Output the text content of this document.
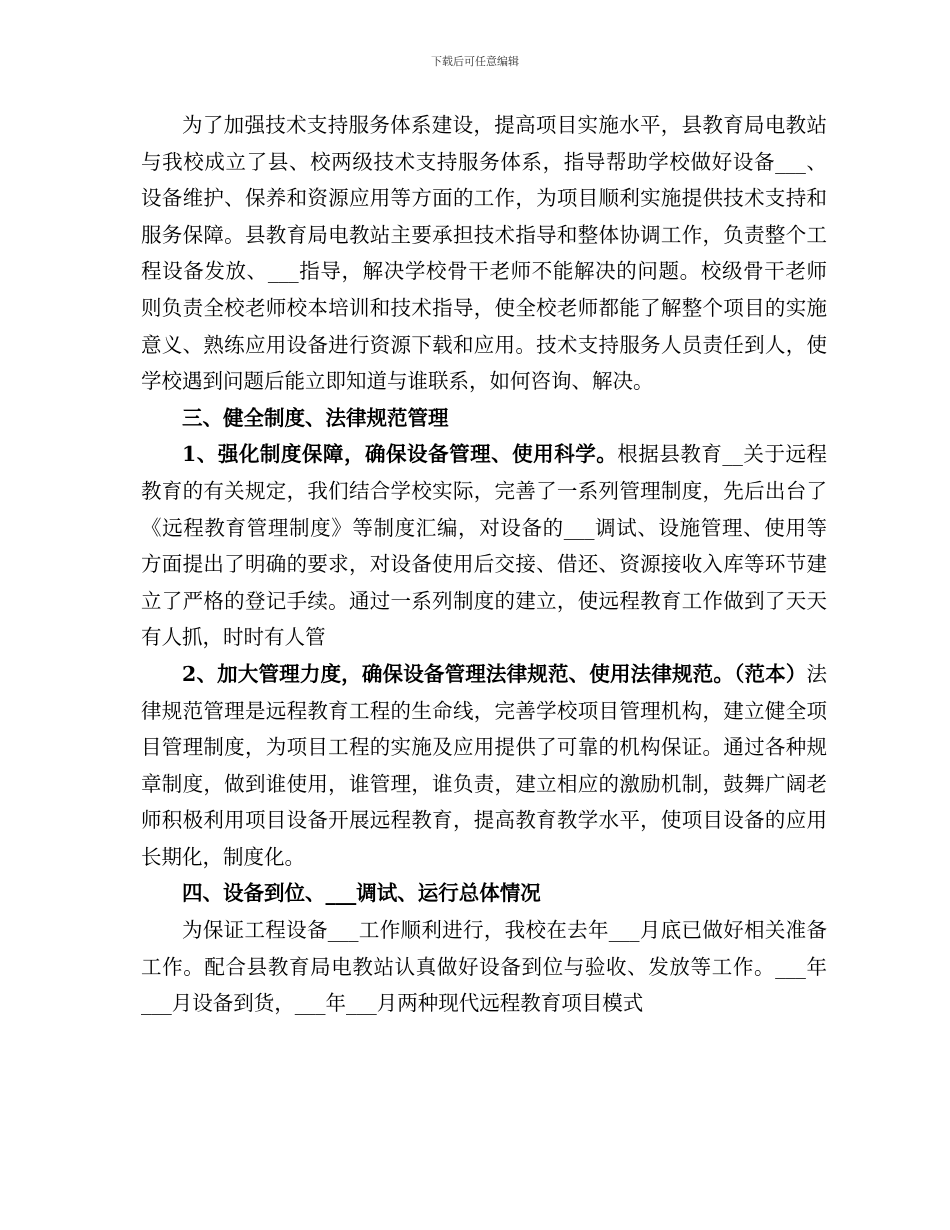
下载后可任意编辑

为了加强技术支持服务体系建设，提高项目实施水平，县教育局电教站与我校成立了县、校两级技术支持服务体系，指导帮助学校做好设备___、设备维护、保养和资源应用等方面的工作，为项目顺利实施提供技术支持和服务保障。县教育局电教站主要承担技术指导和整体协调工作，负责整个工程设备发放、___指导，解决学校骨干老师不能解决的问题。校级骨干老师则负责全校老师校本培训和技术指导，使全校老师都能了解整个项目的实施意义、熟练应用设备进行资源下载和应用。技术支持服务人员责任到人，使学校遇到问题后能立即知道与谁联系，如何咨询、解决。

三、健全制度、法律规范管理

1、强化制度保障，确保设备管理、使用科学。根据县教育__关于远程教育的有关规定，我们结合学校实际，完善了一系列管理制度，先后出台了《远程教育管理制度》等制度汇编，对设备的___调试、设施管理、使用等方面提出了明确的要求，对设备使用后交接、借还、资源接收入库等环节建立了严格的登记手续。通过一系列制度的建立，使远程教育工作做到了天天有人抓，时时有人管

2、加大管理力度，确保设备管理法律规范、使用法律规范。（范本）法律规范管理是远程教育工程的生命线，完善学校项目管理机构，建立健全项目管理制度，为项目工程的实施及应用提供了可靠的机构保证。通过各种规章制度，做到谁使用，谁管理，谁负责，建立相应的激励机制，鼓舞广阔老师积极利用项目设备开展远程教育，提高教育教学水平，使项目设备的应用长期化，制度化。

四、设备到位、___调试、运行总体情况

为保证工程设备___工作顺利进行，我校在去年___月底已做好相关准备工作。配合县教育局电教站认真做好设备到位与验收、发放等工作。___年___月设备到货，___年___月两种现代远程教育项目模式
